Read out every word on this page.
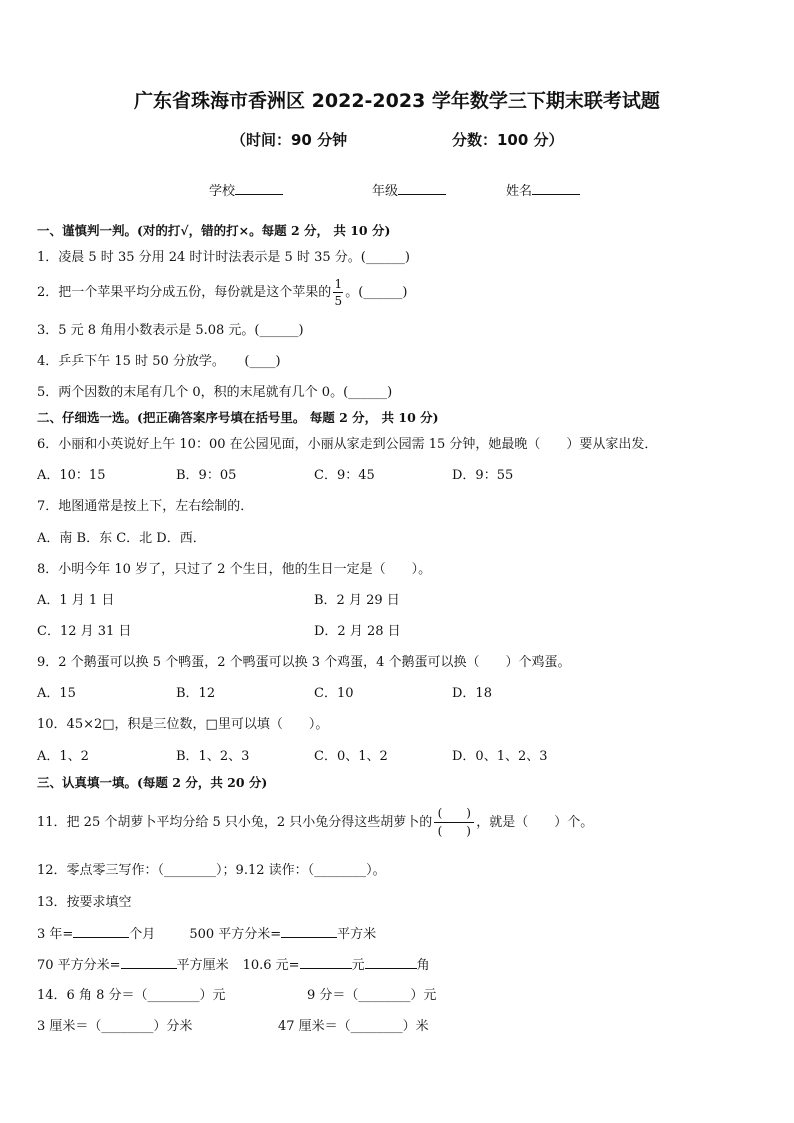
广东省珠海市香洲区 2022-2023 学年数学三下期末联考试题
（时间：90 分钟	分数：100 分）
学校	年级	姓名
一、谨慎判一判。(对的打√，错的打×。每题 2 分， 共 10 分)
1．凌晨 5 时 35 分用 24 时计时法表示是 5 时 35 分。(______)
2．把一个苹果平均分成五份，每份就是这个苹果的 $\frac{1}{5}$ 。(______)
3．5 元 8 角用小数表示是 5.08 元。(______)
4．乒乒下午 15 时 50 分放学。　　(____)
5．两个因数的末尾有几个 0，积的末尾就有几个 0。(______)
二、仔细选一选。(把正确答案序号填在括号里。 每题 2 分， 共 10 分)
6．小丽和小英说好上午 10：00 在公园见面，小丽从家走到公园需 15 分钟，她最晚（　　）要从家出发．
A．10：15	B．9：05	C．9：45	D．9：55
7．地图通常是按上下，左右绘制的．
A．南 B．东 C．北 D．西．
8．小明今年 10 岁了，只过了 2 个生日，他的生日一定是（　　）。
A．1 月 1 日	B．2 月 29 日
C．12 月 31 日	D．2 月 28 日
9．2 个鹅蛋可以换 5 个鸭蛋，2 个鸭蛋可以换 3 个鸡蛋，4 个鹅蛋可以换（　　）个鸡蛋。
A．15	B．12	C．10	D．18
10．45×2□，积是三位数，□里可以填（　　）。
A．1、2	B．1、2、3	C．0、1、2	D．0、1、2、3
三、认真填一填。(每题 2 分，共 20 分)
11．把 25 个胡萝卜平均分给 5 只小兔，2 只小兔分得这些胡萝卜的 $\frac{( )}{( )}$ ，就是（　　）个。
12．零点零三写作：（________）；9.12 读作：（________）。
13．按要求填空
3 年=	个月	500 平方分米=	平方米
70 平方分米=	平方厘米 10.6 元=	元	角
14．6 角 8 分＝（________）元	9 分＝（________）元
3 厘米＝（________）分米	47 厘米＝（________）米
